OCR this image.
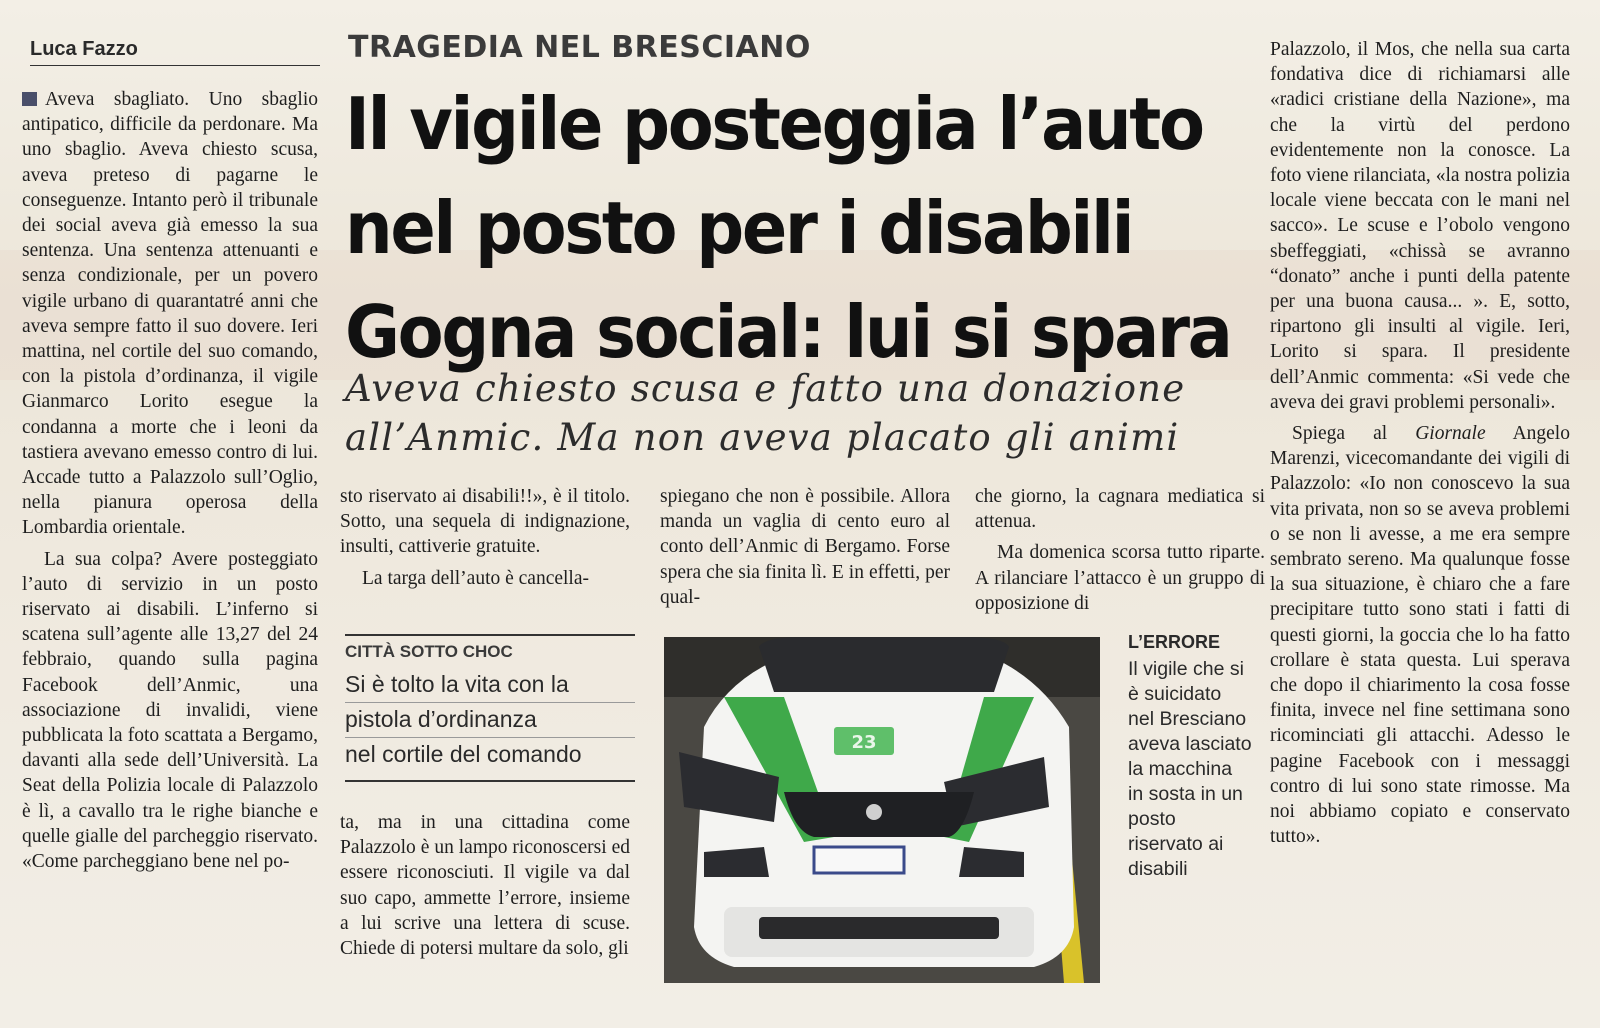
Luca Fazzo	TRAGEDIA NEL BRESCIANO
Il vigile posteggia l’auto
nel posto per i disabili
Gogna social: lui si spara
Aveva chiesto scusa e fatto una donazione
all’Anmic. Ma non aveva placato gli animi

Aveva sbagliato. Uno sbaglio antipatico, difficile da perdonare. Ma uno sbaglio. Aveva chiesto scusa, aveva preteso di pagarne le conseguenze. Intanto però il tribunale dei social aveva già emesso la sua sentenza. Una sentenza attenuanti e senza condizionale, per un povero vigile urbano di quarantatré anni che aveva sempre fatto il suo dovere. Ieri mattina, nel cortile del suo comando, con la pistola d’ordinanza, il vigile Gianmarco Lorito esegue la condanna a morte che i leoni da tastiera avevano emesso contro di lui. Accade tutto a Palazzolo sull’Oglio, nella pianura operosa della Lombardia orientale.

La sua colpa? Avere posteggiato l’auto di servizio in un posto riservato ai disabili. L’inferno si scatena sull’agente alle 13,27 del 24 febbraio, quando sulla pagina Facebook dell’Anmic, una associazione di invalidi, viene pubblicata la foto scattata a Bergamo, davanti alla sede dell’Università. La Seat della Polizia locale di Palazzolo è lì, a cavallo tra le righe bianche e quelle gialle del parcheggio riservato. «Come parcheggiano bene nel po-

sto riservato ai disabili!!», è il titolo. Sotto, una sequela di indignazione, insulti, cattiverie gratuite.

La targa dell’auto è cancella-

CITTÀ SOTTO CHOC
Si è tolto la vita con la
pistola d’ordinanza
nel cortile del comando

ta, ma in una cittadina come Palazzolo è un lampo riconoscersi ed essere riconosciuti. Il vigile va dal suo capo, ammette l’errore, insieme a lui scrive una lettera di scuse. Chiede di potersi multare da solo, gli

spiegano che non è possibile. Allora manda un vaglia di cento euro al conto dell’Anmic di Bergamo. Forse spera che sia finita lì. E in effetti, per qual-

che giorno, la cagnara mediatica si attenua.

Ma domenica scorsa tutto riparte. A rilanciare l’attacco è un gruppo di opposizione di

Palazzolo, il Mos, che nella sua carta fondativa dice di richiamarsi alle «radici cristiane della Nazione», ma che la virtù del perdono evidentemente non la conosce. La foto viene rilanciata, «la nostra polizia locale viene beccata con le mani nel sacco». Le scuse e l’obolo vengono sbeffeggiati, «chissà se avranno “donato” anche i punti della patente per una buona causa... ». E, sotto, ripartono gli insulti al vigile. Ieri, Lorito si spara. Il presidente dell’Anmic commenta: «Si vede che aveva dei gravi problemi personali».

Spiega al Giornale Angelo Marenzi, vicecomandante dei vigili di Palazzolo: «Io non conoscevo la sua vita privata, non so se aveva problemi o se non li avesse, a me era sempre sembrato sereno. Ma qualunque fosse la sua situazione, è chiaro che a fare precipitare tutto sono stati i fatti di questi giorni, la goccia che lo ha fatto crollare è stata questa. Lui sperava che dopo il chiarimento la cosa fosse finita, invece nel fine settimana sono ricominciati gli attacchi. Adesso le pagine Facebook con i messaggi contro di lui sono state rimosse. Ma noi abbiamo copiato e conservato tutto».

23
L’ERRORE
Il vigile che si
è suicidato
nel Bresciano
aveva lasciato
la macchina
in sosta in un
posto
riservato ai
disabili
